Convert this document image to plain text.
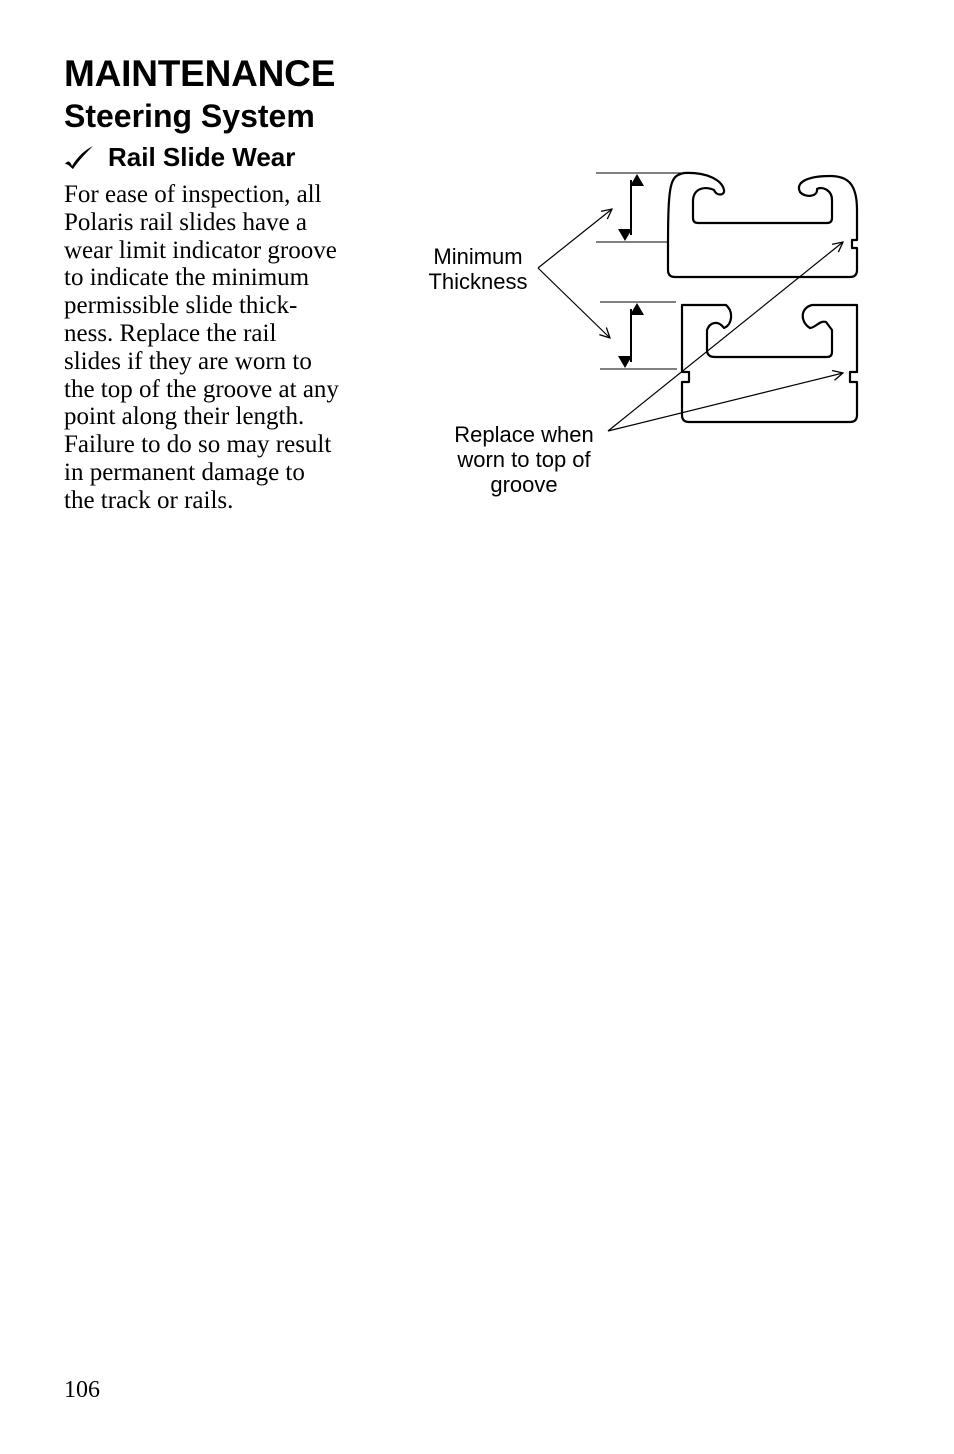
MAINTENANCE
Steering System
Rail Slide Wear
For ease of inspection, all
Polaris rail slides have a
wear limit indicator groove
to indicate the minimum
permissible slide thick-
ness. Replace the rail
slides if they are worn to
the top of the groove at any
point along their length.
Failure to do so may result
in permanent damage to
the track or rails.
Minimum
Thickness
Replace when
worn to top of
groove
106
